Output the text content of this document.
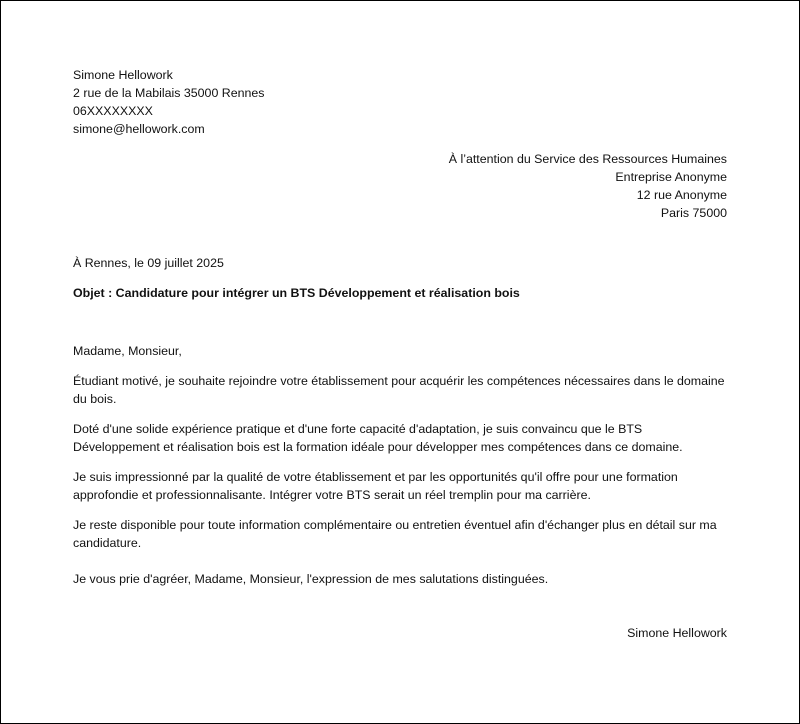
Simone Hellowork
2 rue de la Mabilais 35000 Rennes
06XXXXXXXX
simone@hellowork.com
À l’attention du Service des Ressources Humaines
Entreprise Anonyme
12 rue Anonyme
Paris 75000
À Rennes, le 09 juillet 2025
Objet : Candidature pour intégrer un BTS Développement et réalisation bois
Madame, Monsieur,
Étudiant motivé, je souhaite rejoindre votre établissement pour acquérir les compétences nécessaires dans le domaine du bois.
Doté d'une solide expérience pratique et d'une forte capacité d'adaptation, je suis convaincu que le BTS Développement et réalisation bois est la formation idéale pour développer mes compétences dans ce domaine.
Je suis impressionné par la qualité de votre établissement et par les opportunités qu'il offre pour une formation approfondie et professionnalisante. Intégrer votre BTS serait un réel tremplin pour ma carrière.
Je reste disponible pour toute information complémentaire ou entretien éventuel afin d'échanger plus en détail sur ma candidature.
Je vous prie d'agréer, Madame, Monsieur, l'expression de mes salutations distinguées.
Simone Hellowork
